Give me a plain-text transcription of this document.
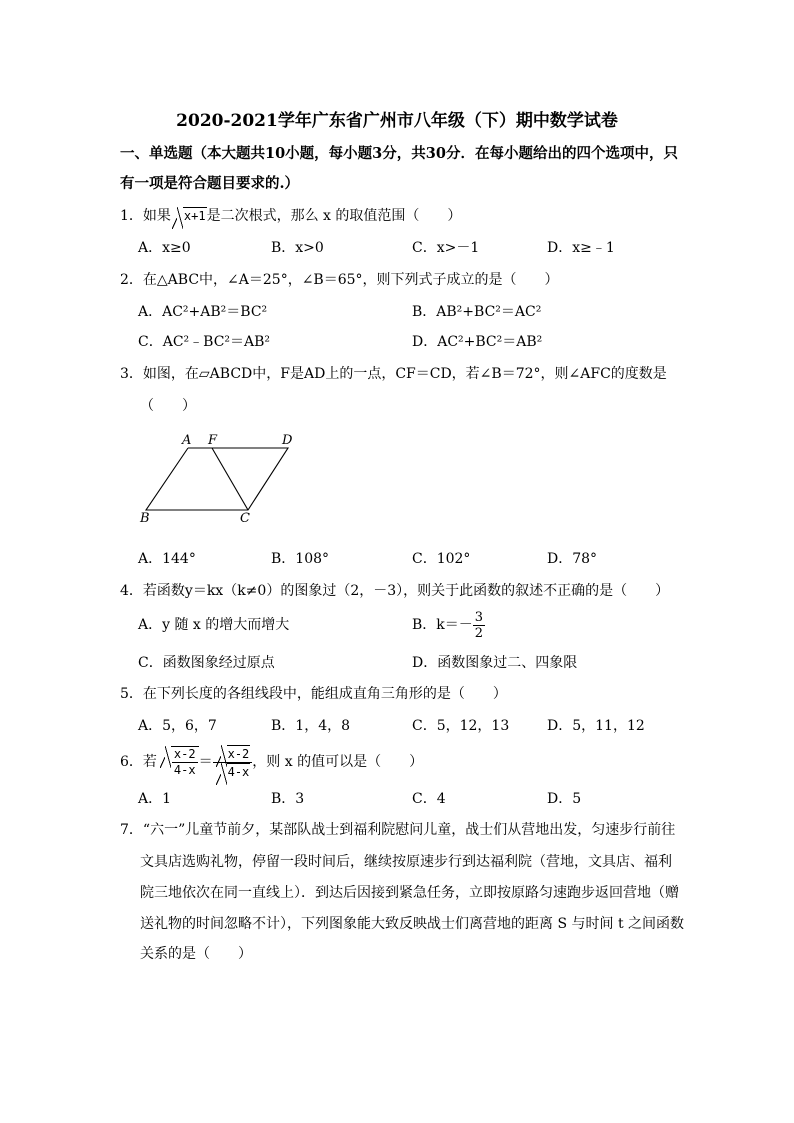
2020-2021学年广东省广州市八年级（下）期中数学试卷
一、单选题（本大题共10小题，每小题3分，共30分．在每小题给出的四个选项中，只
有一项是符合题目要求的.）
1．如果 x+1是二次根式，那么 x 的取值范围（　　）
A．x≥0	B．x>0	C．x>－1	D．x≥﹣1
2．在△ABC中，∠A＝25°，∠B＝65°，则下列式子成立的是（　　）
A．AC²+AB²＝BC²	B．AB²+BC²＝AC²
C．AC²﹣BC²＝AB²	D．AC²+BC²＝AB²
3．如图，在▱ABCD中，F是AD上的一点，CF＝CD，若∠B＝72°，则∠AFC的度数是
（　　）
A F	D
B	C
A．144°	B．108°	C．102°	D．78°
4．若函数y＝kx（k≠0）的图象过（2，－3），则关于此函数的叙述不正确的是（　　）
A．y 随 x 的增大而增大	B．$k=- \frac{3}{2}$
C．函数图象经过原点	D．函数图象过二、四象限
5．在下列长度的各组线段中，能组成直角三角形的是（　　）
A．5，6，7	B．1，4，8	C．5，12，13	D．5，11，12
6．若 $\frac{x-2}{4-x} = \frac{x-2}{4-x}$ ，则 x 的值可以是（　　）
A．1	B．3	C．4	D．5
7．“六一”儿童节前夕，某部队战士到福利院慰问儿童，战士们从营地出发，匀速步行前往
文具店选购礼物，停留一段时间后，继续按原速步行到达福利院（营地，文具店、福利
院三地依次在同一直线上）．到达后因接到紧急任务，立即按原路匀速跑步返回营地（赠
送礼物的时间忽略不计），下列图象能大致反映战士们离营地的距离 S 与时间 t 之间函数
关系的是（　　）
